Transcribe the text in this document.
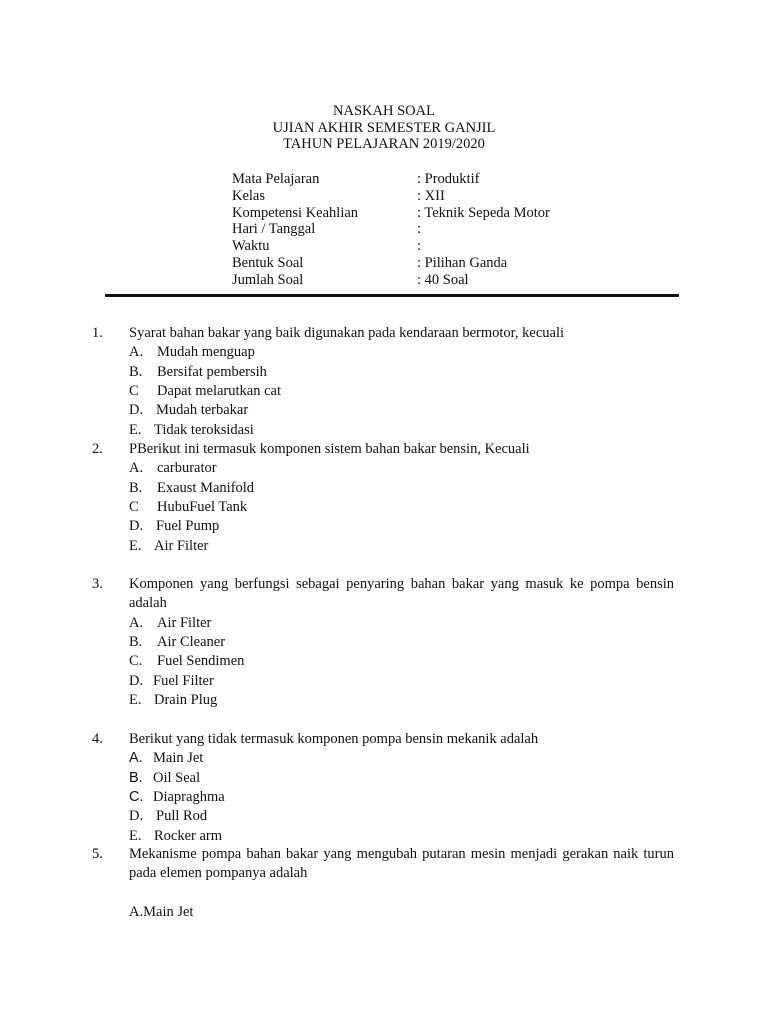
NASKAH SOAL
UJIAN AKHIR SEMESTER GANJIL
TAHUN PELAJARAN 2019/2020
Mata Pelajaran	: Produktif
Kelas	: XII
Kompetensi Keahlian	: Teknik Sepeda Motor
Hari / Tanggal	:
Waktu	:
Bentuk Soal	: Pilihan Ganda
Jumlah Soal	: 40 Soal
1. Syarat bahan bakar yang baik digunakan pada kendaraan bermotor, kecuali
A. Mudah menguap
B. Bersifat pembersih
C Dapat melarutkan cat
D. Mudah terbakar
E. Tidak teroksidasi
2. PBerikut ini termasuk komponen sistem bahan bakar bensin, Kecuali
A. carburator
B. Exaust Manifold
C HubuFuel Tank
D. Fuel Pump
E. Air Filter
3. Komponen yang berfungsi sebagai penyaring bahan bakar yang masuk ke pompa bensin adalah
A. Air Filter
B. Air Cleaner
C. Fuel Sendimen
D. Fuel Filter
E. Drain Plug
4. Berikut yang tidak termasuk komponen pompa bensin mekanik adalah
A. Main Jet
B. Oil Seal
C. Diapraghma
D. Pull Rod
E. Rocker arm
5. Mekanisme pompa bahan bakar yang mengubah putaran mesin menjadi gerakan naik turun pada elemen pompanya adalah
A.Main Jet
